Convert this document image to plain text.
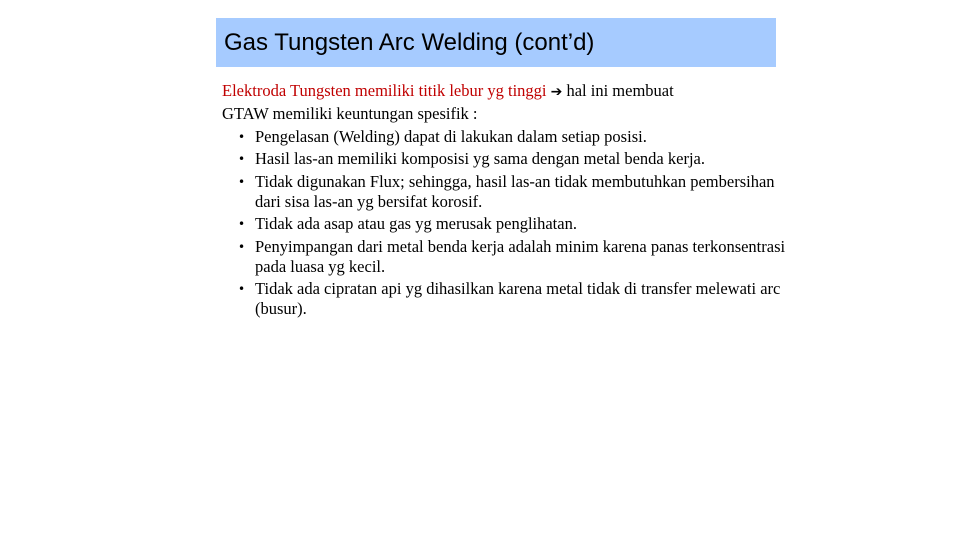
Gas Tungsten Arc Welding (cont’d)

Elektroda Tungsten memiliki titik lebur yg tinggi ➔ hal ini membuat
GTAW memiliki keuntungan spesifik :

• Pengelasan (Welding) dapat di lakukan dalam setiap posisi.
• Hasil las-an memiliki komposisi yg sama dengan metal benda kerja.
• Tidak digunakan Flux; sehingga, hasil las-an tidak membutuhkan pembersihan dari sisa las-an yg bersifat korosif.
• Tidak ada asap atau gas yg merusak penglihatan.
• Penyimpangan dari metal benda kerja adalah minim karena panas terkonsentrasi pada luasa yg kecil.
• Tidak ada cipratan api yg dihasilkan karena metal tidak di transfer melewati arc (busur).
